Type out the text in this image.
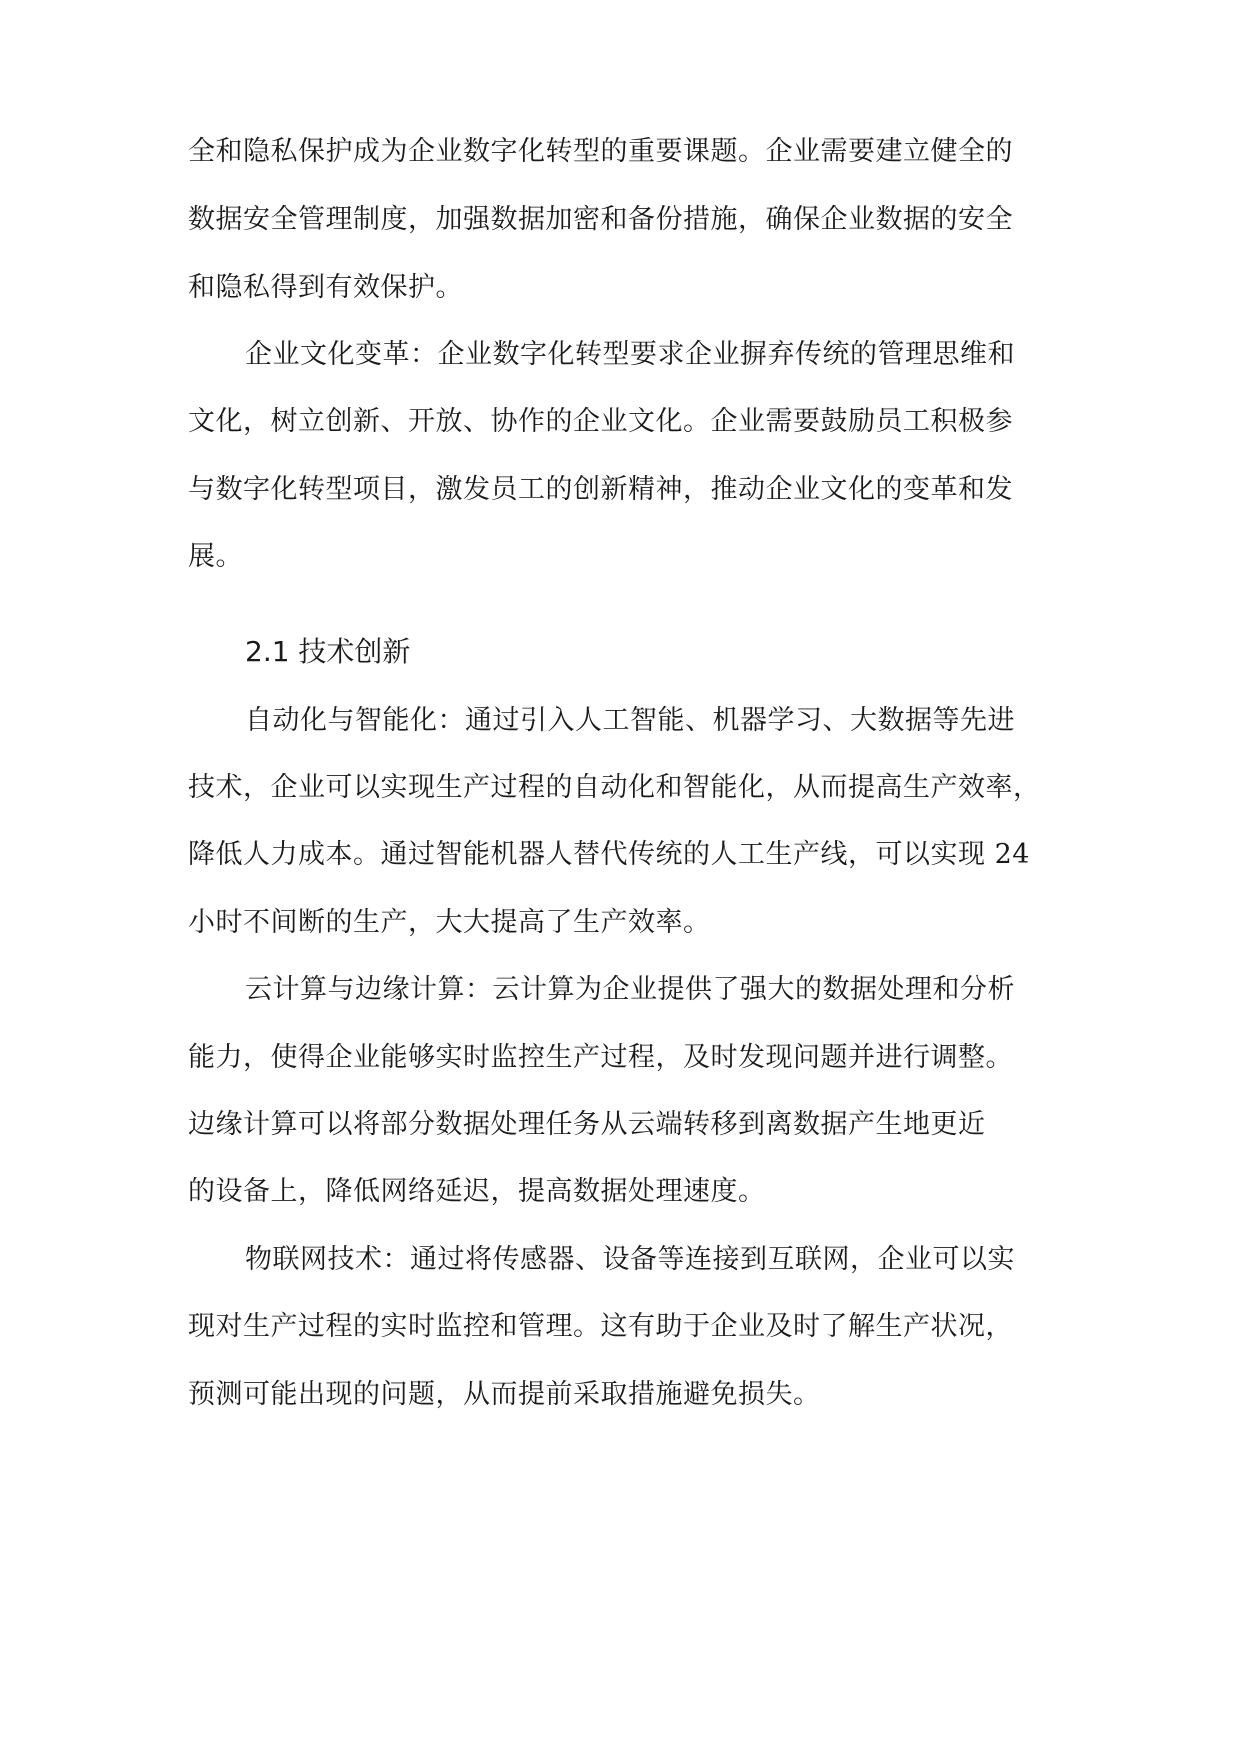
全和隐私保护成为企业数字化转型的重要课题。企业需要建立健全的
数据安全管理制度，加强数据加密和备份措施，确保企业数据的安全
和隐私得到有效保护。
企业文化变革：企业数字化转型要求企业摒弃传统的管理思维和
文化，树立创新、开放、协作的企业文化。企业需要鼓励员工积极参
与数字化转型项目，激发员工的创新精神，推动企业文化的变革和发
展。
2.1 技术创新
自动化与智能化：通过引入人工智能、机器学习、大数据等先进
技术，企业可以实现生产过程的自动化和智能化，从而提高生产效率，
降低人力成本。通过智能机器人替代传统的人工生产线，可以实现 24
小时不间断的生产，大大提高了生产效率。
云计算与边缘计算：云计算为企业提供了强大的数据处理和分析
能力，使得企业能够实时监控生产过程，及时发现问题并进行调整。
边缘计算可以将部分数据处理任务从云端转移到离数据产生地更近
的设备上，降低网络延迟，提高数据处理速度。
物联网技术：通过将传感器、设备等连接到互联网，企业可以实
现对生产过程的实时监控和管理。这有助于企业及时了解生产状况，
预测可能出现的问题，从而提前采取措施避免损失。
